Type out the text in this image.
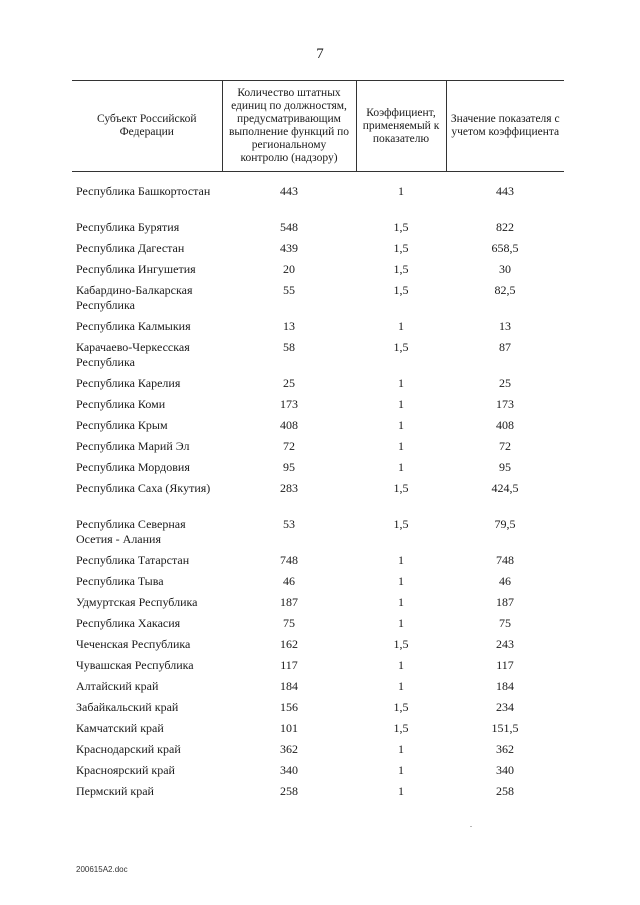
7
Субъект Российской Федерации	Количество штатных единиц по должностям, предусматривающим выполнение функций по региональному контролю (надзору)	Коэффициент, применяемый к показателю	Значение показателя с учетом коэффициента
Республика Башкортостан	443	1	443
Республика Бурятия	548	1,5	822
Республика Дагестан	439	1,5	658,5
Республика Ингушетия	20	1,5	30
Кабардино-Балкарская Республика	55	1,5	82,5
Республика Калмыкия	13	1	13
Карачаево-Черкесская Республика	58	1,5	87
Республика Карелия	25	1	25
Республика Коми	173	1	173
Республика Крым	408	1	408
Республика Марий Эл	72	1	72
Республика Мордовия	95	1	95
Республика Саха (Якутия)	283	1,5	424,5
Республика Северная Осетия - Алания	53	1,5	79,5
Республика Татарстан	748	1	748
Республика Тыва	46	1	46
Удмуртская Республика	187	1	187
Республика Хакасия	75	1	75
Чеченская Республика	162	1,5	243
Чувашская Республика	117	1	117
Алтайский край	184	1	184
Забайкальский край	156	1,5	234
Камчатский край	101	1,5	151,5
Краснодарский край	362	1	362
Красноярский край	340	1	340
Пермский край	258	1	258
.
200615A2.doc
